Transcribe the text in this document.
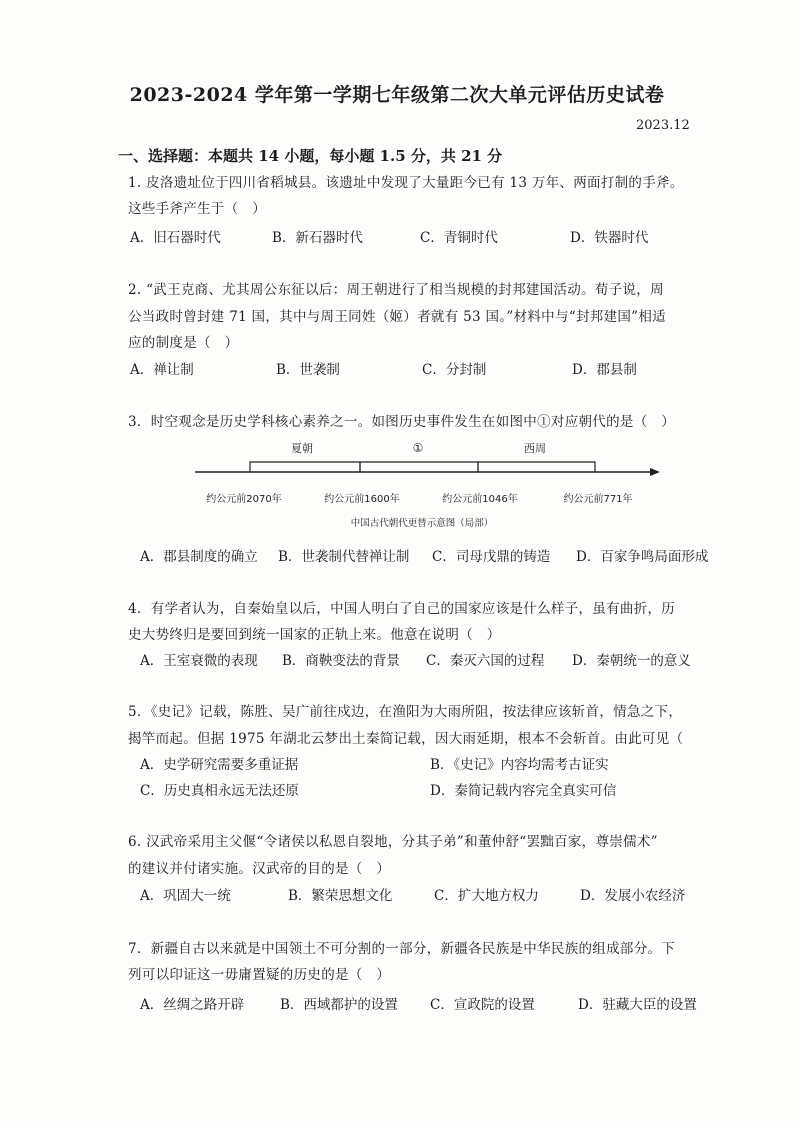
2023-2024 学年第一学期七年级第二次大单元评估历史试卷
2023.12
一、选择题：本题共 14 小题，每小题 1.5 分，共 21 分
1. 皮洛遗址位于四川省稻城县。该遗址中发现了大量距今已有 13 万年、两面打制的手斧。
这些手斧产生于（　）
A．旧石器时代	B．新石器时代	C．青铜时代	D．铁器时代
2. “武王克商、尤其周公东征以后：周王朝进行了相当规模的封邦建国活动。荀子说，周
公当政时曾封建 71 国，其中与周王同姓（姬）者就有 53 国。”材料中与“封邦建国”相适
应的制度是（　）
A．禅让制	B．世袭制	C．分封制	D．郡县制
3．时空观念是历史学科核心素养之一。如图历史事件发生在如图中①对应朝代的是（　）
夏朝	①	西周
约公元前2070年	约公元前1600年	约公元前1046年	约公元前771年
中国古代朝代更替示意图（局部）
A．郡县制度的确立 B．世袭制代替禅让制 C．司母戊鼎的铸造 D．百家争鸣局面形成
4．有学者认为，自秦始皇以后，中国人明白了自己的国家应该是什么样子，虽有曲折，历
史大势终归是要回到统一国家的正轨上来。他意在说明（　）
A．王室衰微的表现 B．商鞅变法的背景 C．秦灭六国的过程 D．秦朝统一的意义
5．《史记》记载，陈胜、吴广前往戍边，在渔阳为大雨所阻，按法律应该斩首，情急之下，
揭竿而起。但据 1975 年湖北云梦出土秦简记载，因大雨延期，根本不会斩首。由此可见（
A．史学研究需要多重证据	B．《史记》内容均需考古证实
C．历史真相永远无法还原	D．秦简记载内容完全真实可信
6. 汉武帝采用主父偃“令诸侯以私恩自裂地，分其子弟”和董仲舒“罢黜百家，尊崇儒术”
的建议并付诸实施。汉武帝的目的是（　）
A．巩固大一统	B．繁荣思想文化	C．扩大地方权力	D．发展小农经济
7．新疆自古以来就是中国领土不可分割的一部分，新疆各民族是中华民族的组成部分。下
列可以印证这一毋庸置疑的历史的是（　）
A．丝绸之路开辟	B．西域都护的设置 C．宣政院的设置	D．驻藏大臣的设置
